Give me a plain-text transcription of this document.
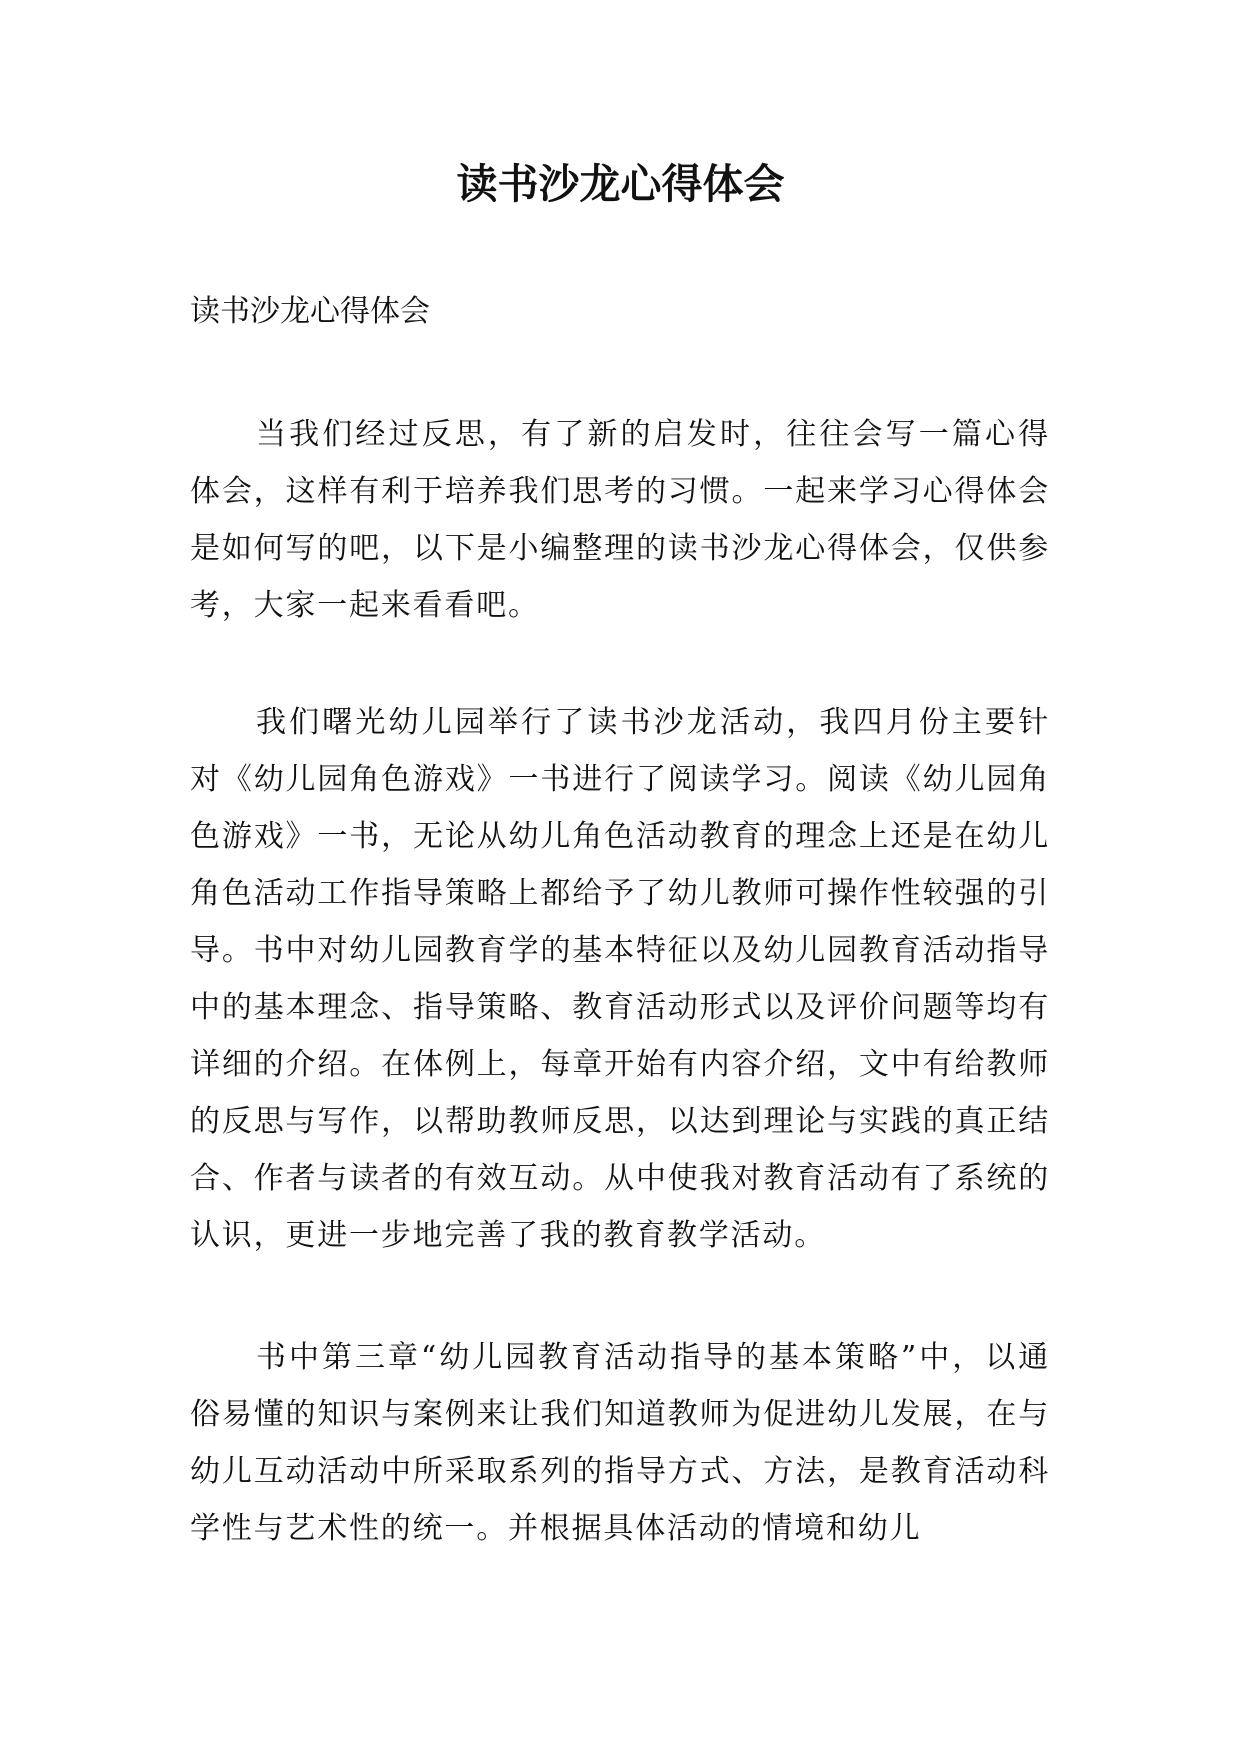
读书沙龙心得体会

读书沙龙心得体会

当我们经过反思，有了新的启发时，往往会写一篇心得体会，这样有利于培养我们思考的习惯。一起来学习心得体会是如何写的吧，以下是小编整理的读书沙龙心得体会，仅供参考，大家一起来看看吧。

我们曙光幼儿园举行了读书沙龙活动，我四月份主要针对《幼儿园角色游戏》一书进行了阅读学习。阅读《幼儿园角色游戏》一书，无论从幼儿角色活动教育的理念上还是在幼儿角色活动工作指导策略上都给予了幼儿教师可操作性较强的引导。书中对幼儿园教育学的基本特征以及幼儿园教育活动指导中的基本理念、指导策略、教育活动形式以及评价问题等均有详细的介绍。在体例上，每章开始有内容介绍，文中有给教师的反思与写作，以帮助教师反思，以达到理论与实践的真正结合、作者与读者的有效互动。从中使我对教育活动有了系统的认识，更进一步地完善了我的教育教学活动。

书中第三章“幼儿园教育活动指导的基本策略”中，以通俗易懂的知识与案例来让我们知道教师为促进幼儿发展，在与幼儿互动活动中所采取系列的指导方式、方法，是教育活动科学性与艺术性的统一。并根据具体活动的情境和幼儿
